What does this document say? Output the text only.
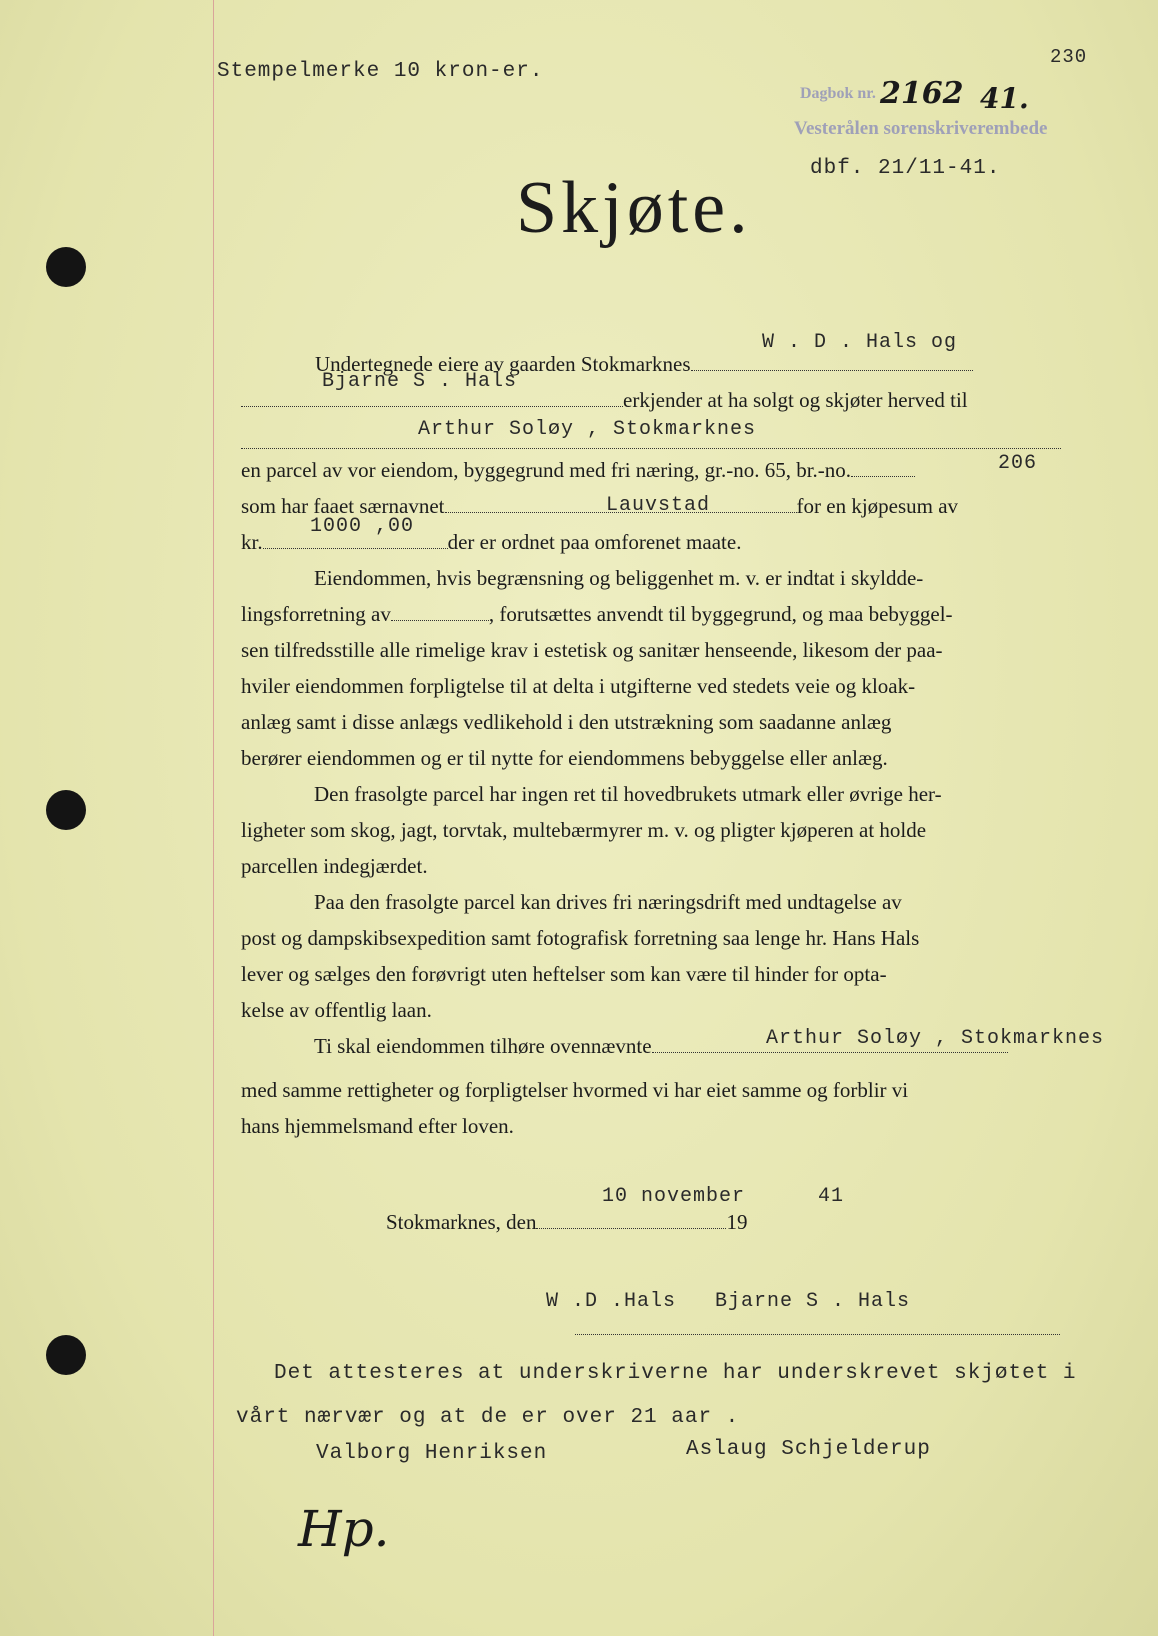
Stempelmerke 10 kron-er.
230
Dagbok nr. 2162 41.
Vesterålen sorenskriverembede
dbf. 21/11-41.
Skjøte.
W . D . Hals og
Undertegnede eiere av gaarden Stokmarknes
Bjarne S . Hals
erkjender at ha solgt og skjøter herved til
Arthur Soløy , Stokmarknes
206
en parcel av vor eiendom, byggegrund med fri næring, gr.-no. 65, br.-no.
Lauvstad
som har faaet særnavnet	for en kjøpesum av
1000 ,00
kr.	der er ordnet paa omforenet maate.
Eiendommen, hvis begrænsning og beliggenhet m. v. er indtat i skyldde-
lingsforretning av	, forutsættes anvendt til byggegrund, og maa bebyggel-
sen tilfredsstille alle rimelige krav i estetisk og sanitær henseende, likesom der paa-
hviler eiendommen forpligtelse til at delta i utgifterne ved stedets veie og kloak-
anlæg samt i disse anlægs vedlikehold i den utstrækning som saadanne anlæg
berører eiendommen og er til nytte for eiendommens bebyggelse eller anlæg.
Den frasolgte parcel har ingen ret til hovedbrukets utmark eller øvrige her-
ligheter som skog, jagt, torvtak, multebærmyrer m. v. og pligter kjøperen at holde
parcellen indegjærdet.
Paa den frasolgte parcel kan drives fri næringsdrift med undtagelse av
post og dampskibsexpedition samt fotografisk forretning saa lenge hr. Hans Hals
lever og sælges den forøvrigt uten heftelser som kan være til hinder for opta-
kelse av offentlig laan.
Arthur Soløy , Stokmarknes
Ti skal eiendommen tilhøre ovennævnte
med samme rettigheter og forpligtelser hvormed vi har eiet samme og forblir vi
hans hjemmelsmand efter loven.
10 november	41
Stokmarknes, den	19
W .D .Hals   Bjarne S . Hals
Det attesteres at underskriverne har underskrevet skjøtet i
vårt nærvær og at de er over 21 aar .
Valborg Henriksen	Aslaug Schjelderup
Hp.
